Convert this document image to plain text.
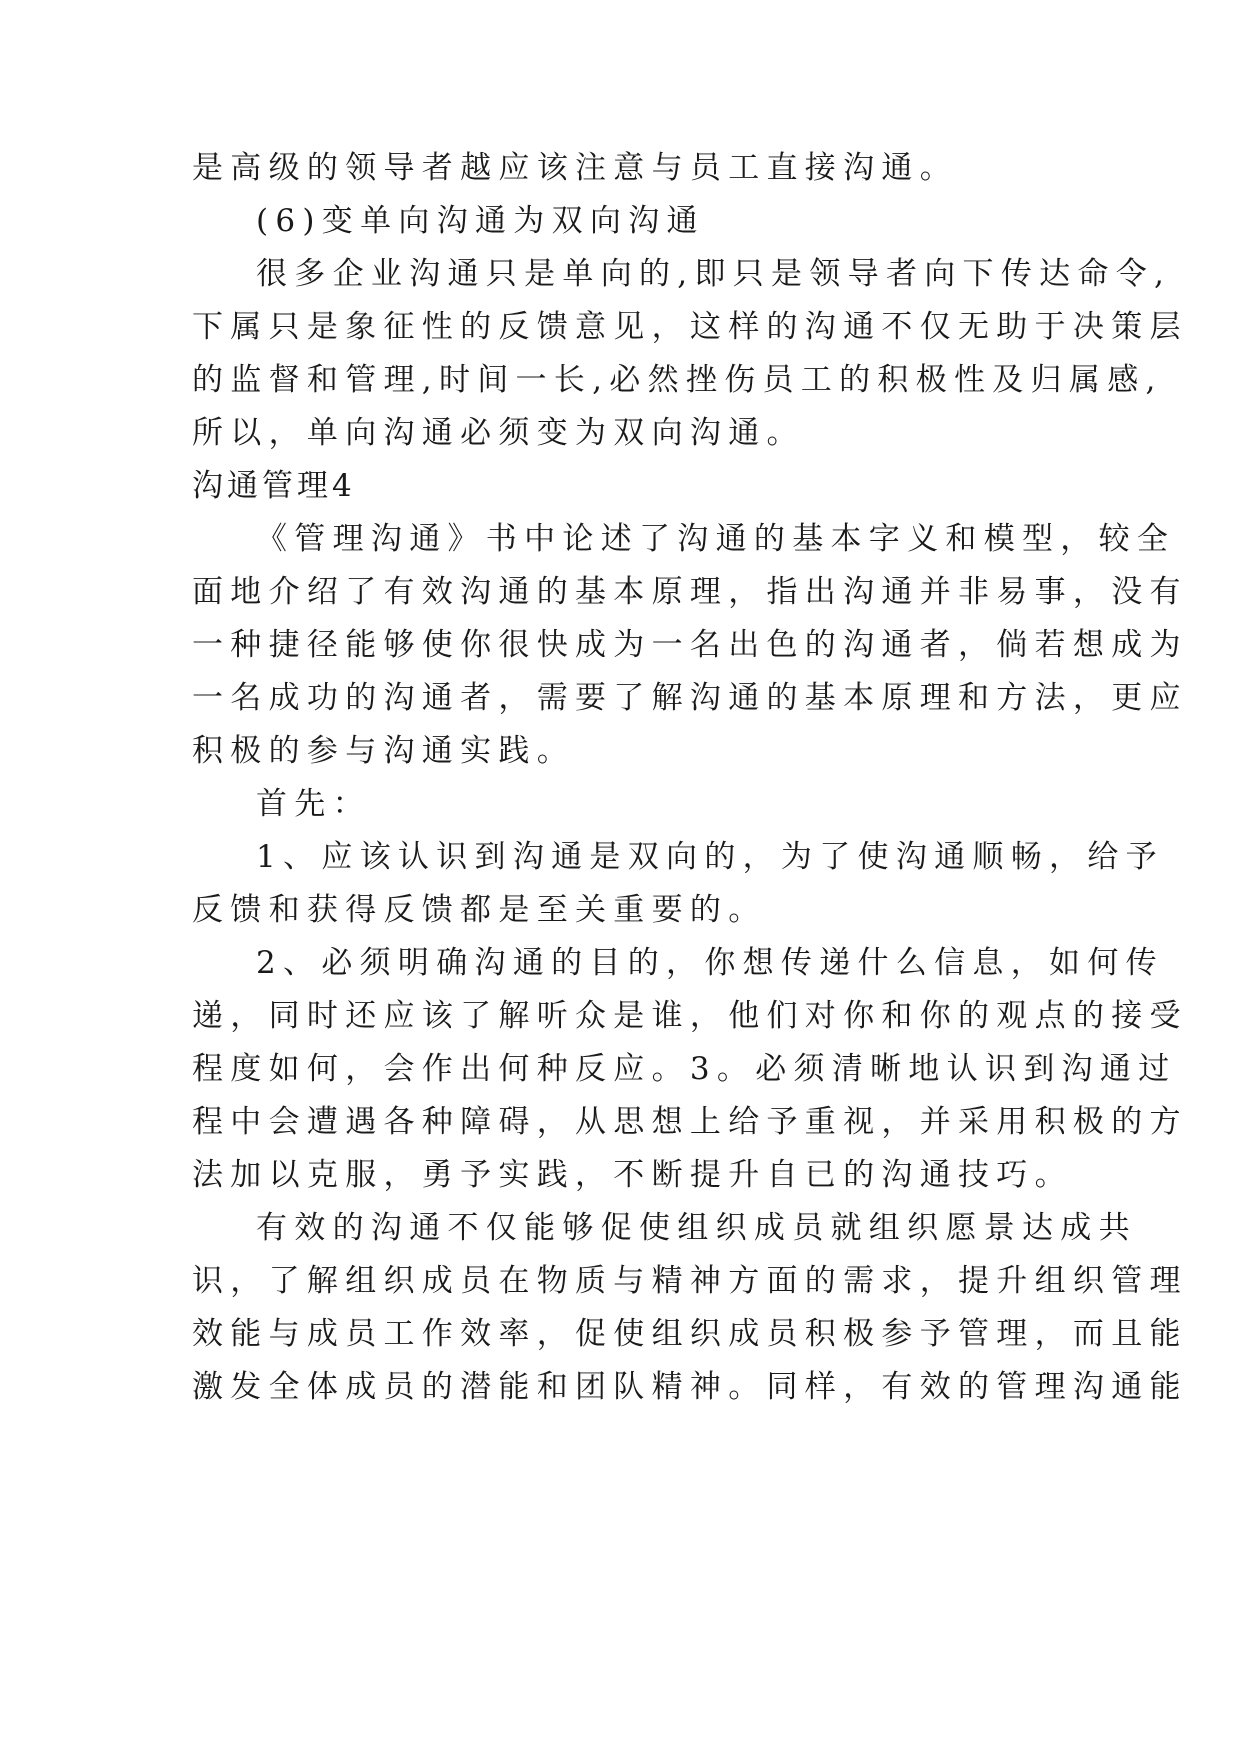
是高级的领导者越应该注意与员工直接沟通。
(6)变单向沟通为双向沟通
很多企业沟通只是单向的,即只是领导者向下传达命令,
下属只是象征性的反馈意见，这样的沟通不仅无助于决策层
的监督和管理,时间一长,必然挫伤员工的积极性及归属感,
所以，单向沟通必须变为双向沟通。
沟通管理4
《管理沟通》书中论述了沟通的基本字义和模型，较全
面地介绍了有效沟通的基本原理，指出沟通并非易事，没有
一种捷径能够使你很快成为一名出色的沟通者，倘若想成为
一名成功的沟通者，需要了解沟通的基本原理和方法，更应
积极的参与沟通实践。
首先：
1、应该认识到沟通是双向的，为了使沟通顺畅，给予
反馈和获得反馈都是至关重要的。
2、必须明确沟通的目的，你想传递什么信息，如何传
递，同时还应该了解听众是谁，他们对你和你的观点的接受
程度如何，会作出何种反应。3。必须清晰地认识到沟通过
程中会遭遇各种障碍，从思想上给予重视，并采用积极的方
法加以克服，勇予实践，不断提升自已的沟通技巧。
有效的沟通不仅能够促使组织成员就组织愿景达成共
识，了解组织成员在物质与精神方面的需求，提升组织管理
效能与成员工作效率，促使组织成员积极参予管理，而且能
激发全体成员的潜能和团队精神。同样，有效的管理沟通能
